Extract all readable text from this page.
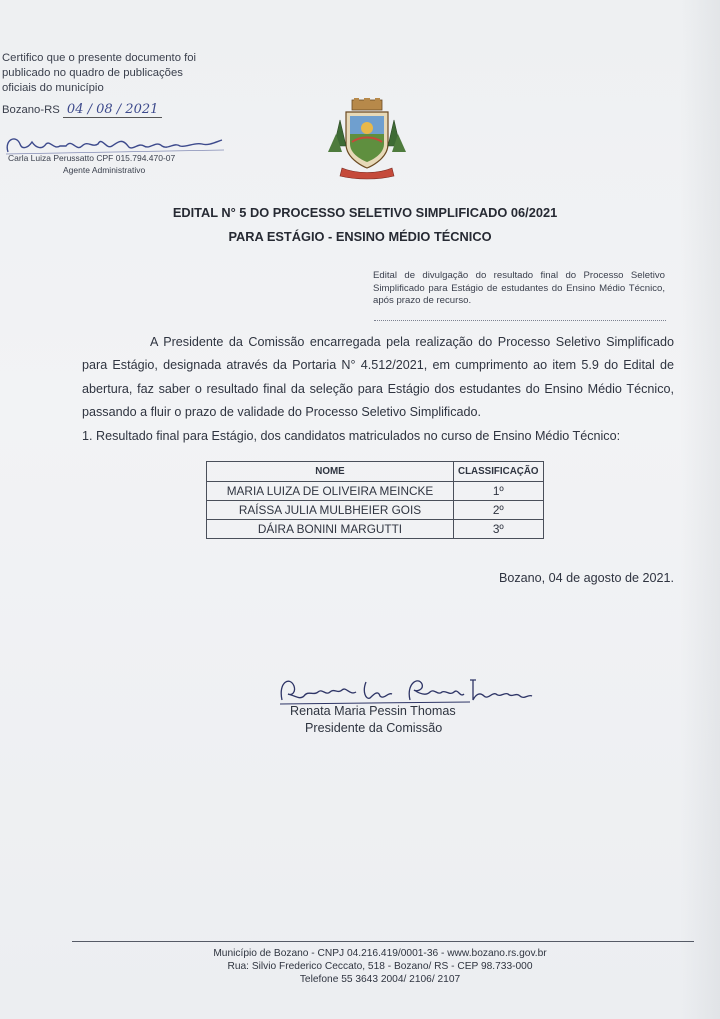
Certifico que o presente documento foi
publicado no quadro de publicações
oficiais do município
Bozano-RS 04 / 08 / 2021
Carla Luiza Perussatto CPF 015.794.470-07
Agente Administrativo
EDITAL N° 5 DO PROCESSO SELETIVO SIMPLIFICADO 06/2021
PARA ESTÁGIO - ENSINO MÉDIO TÉCNICO
Edital de divulgação do resultado final do Processo Seletivo Simplificado para Estágio de estudantes do Ensino Médio Técnico, após prazo de recurso.
A Presidente da Comissão encarregada pela realização do Processo Seletivo Simplificado para Estágio, designada através da Portaria N° 4.512/2021, em cumprimento ao item 5.9 do Edital de abertura, faz saber o resultado final da seleção para Estágio dos estudantes do Ensino Médio Técnico, passando a fluir o prazo de validade do Processo Seletivo Simplificado.
1. Resultado final para Estágio, dos candidatos matriculados no curso de Ensino Médio Técnico:
NOME	CLASSIFICAÇÃO
MARIA LUIZA DE OLIVEIRA MEINCKE	1º
RAÍSSA JULIA MULBHEIER GOIS	2º
DÁIRA BONINI MARGUTTI	3º
Bozano, 04 de agosto de 2021.
Renata Maria Pessin Thomas
Presidente da Comissão
Município de Bozano - CNPJ 04.216.419/0001-36 - www.bozano.rs.gov.br
Rua: Silvio Frederico Ceccato, 518 - Bozano/ RS - CEP 98.733-000
Telefone 55 3643 2004/ 2106/ 2107
